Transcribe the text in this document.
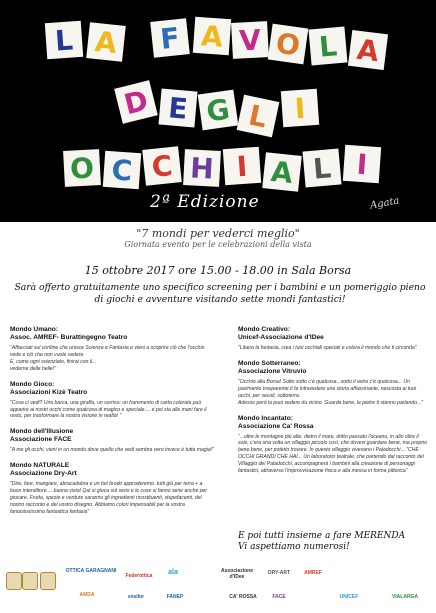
L A	F A V O L A
D E G L I
O C C H I A L I
2ª Edizione	Agata
"7 mondi per vederci meglio"
Giornata evento per le celebrazioni della vista
15 ottobre 2017 ore 15.00 - 18.00 in Sala Borsa
Sarà offerto gratuitamente uno specifico screening per i bambini e un pomeriggio pieno di giochi e avventure visitando sette mondi fantastici!
Mondo Umano:
Assoc. AMREF- Burattingegno Teatro
"Affacciati sul confine che unisce Scienza e Fantasia e vieni a scoprire ciò che l'occhio vede e ciò che non vuole vedere.
E, come ogni scienziato, finirai con il...
vederne delle belle!"
Mondo Gioco:
Associazioni Kizè Teatro
"Cosa ci vedi? Una barca, una giraffa, un sorriso: un frammento di carta colorata può apparire ai nostri occhi come qualcosa di magico e speciale.... e poi sta alle mani fare il resto, per trasformare la nostra visione in realtà! "
Mondo dell'Illusione
Associazione FACE
"A me gli occhi, vieni in un mondo dove quello che vedi sembra vero invece è tutta magia!"
Mondo NATURALE
Associazione Dry-Art
"Dire, fare, mangiare, abracadabra e un bel brodo approderemo. tutti giù per terra + a buon intenditore.... buona vista! Qui si gioca sul serio e le cose si fanno serie anche per giocare. Frutta, spezie e verdure saranno gli ingredienti ricostituenti, stupefacenti, del nostro racconto e del vostro disegno. Abbiamo colori impensabili per la vostra fantasiosissima fantastica fantasia"
Mondo Creativo:
Unicef-Associazione d'IDee
"Libera la fantasia, crea i tuoi occhiali speciali e colora il mondo che ti circonda"
Mondo Sotterraneo:
Associazione Vitruvio
"Occhio alla Borsa! Sotto sotto c'è qualcosa...sotto il vetro c'è qualcosa... Un pavimento trasparente ti fa intravedere una storia affascinante, nascosta ai tuoi occhi, per secoli, sottoterra.
Adesso però la puoi vedere da vicino. Guarda bene, le pietre ti stanno parlando..."
Mondo Incantato:
Associazione Ca' Rossa
"...oltre le montagne più alte, dietro il mare, dritto passato l'oceano, in alto oltre il sole, c'era una volta un villaggio piccolo così, che dovevi guardare bene, ma proprio bene bene, per poterlo trovare. In questo villaggio vivevano i Paladocchi...."CHE OCCHI GRANDI CHE HAI... Un laboratorio teatrale, che partendo dal racconto del Villaggio dei Paladocchi, accompagnerà i bambini alla creazione di personaggi fantastici, attraverso l'improvvisazione fisica e alla messa in forma pittorica"
E poi tutti insieme a fare MERENDA
Vi aspettiamo numerosi!
OTTICA GARAGNANI
Federottica	ala	Associazione d'IDee
DRY-ART	AMREF
AMDA	essilor	FANEP	CA' ROSSA	FACE	VIALARGA
UNICEF
